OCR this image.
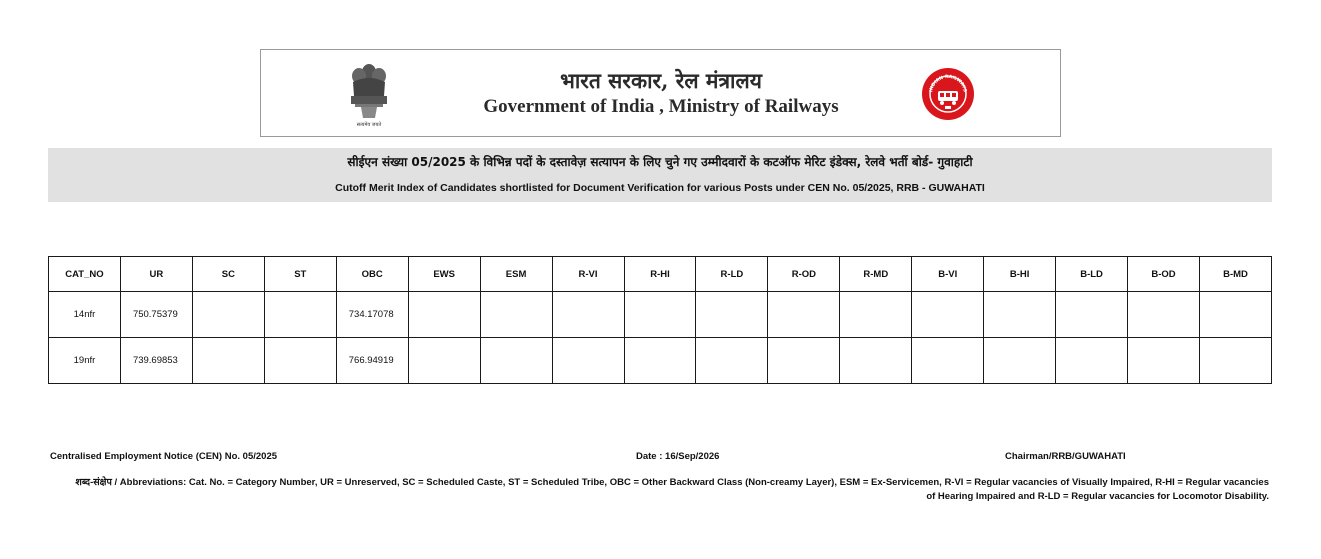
सत्यमेव जयते
भारत सरकार, रेल मंत्रालय
Government of India , Ministry of Railways
INDIAN RAILWAYS
सीईएन संख्या 05/2025 के विभिन्न पदों के दस्तावेज़ सत्यापन के लिए चुने गए उम्मीदवारों के कटऑफ मेरिट इंडेक्स, रेलवे भर्ती बोर्ड- गुवाहाटी
Cutoff Merit Index of Candidates shortlisted for Document Verification for various Posts under CEN No. 05/2025, RRB - GUWAHATI
CAT_NO	UR	SC	ST	OBC	EWS	ESM	R-VI	R-HI	R-LD	R-OD	R-MD	B-VI	B-HI	B-LD	B-OD	B-MD
14nfr	750.75379			734.17078												
19nfr	739.69853			766.94919												
Centralised Employment Notice (CEN) No. 05/2025	Date : 16/Sep/2026	Chairman/RRB/GUWAHATI
शब्द-संक्षेप / Abbreviations: Cat. No. = Category Number, UR = Unreserved, SC = Scheduled Caste, ST = Scheduled Tribe, OBC = Other Backward Class (Non-creamy Layer), ESM = Ex-Servicemen, R-VI = Regular vacancies of Visually Impaired, R-HI = Regular vacancies
of Hearing Impaired and R-LD = Regular vacancies for Locomotor Disability.
